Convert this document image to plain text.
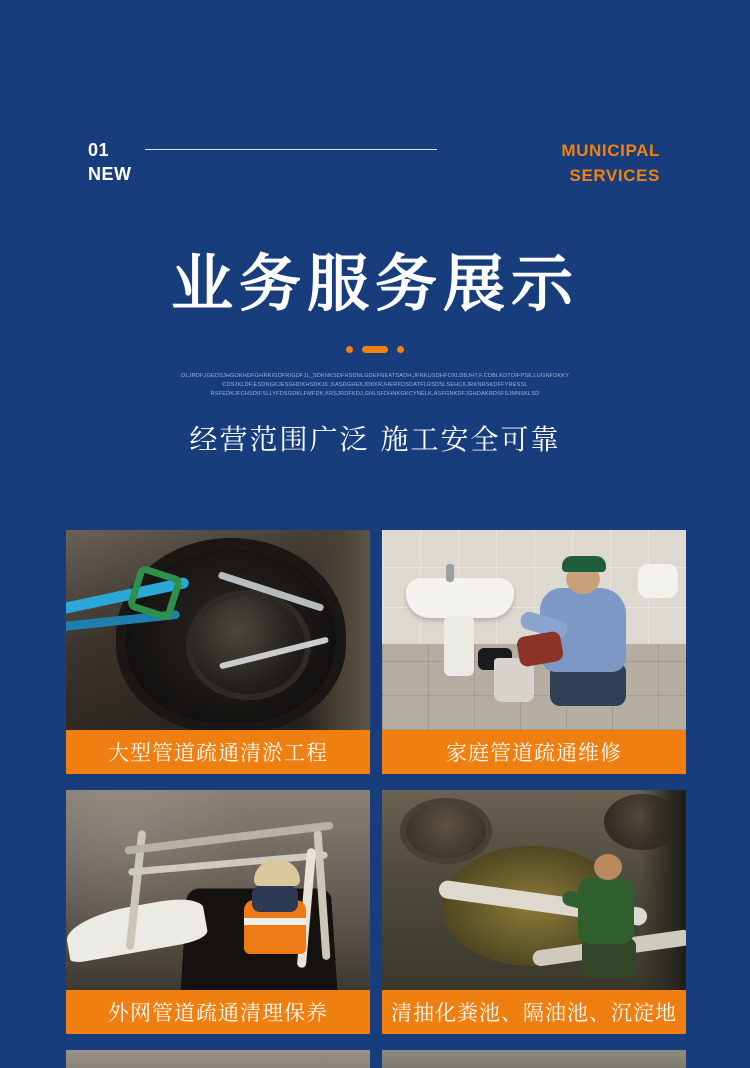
01
NEW
MUNICIPAL
SERVICES
业务服务展示
OLJRDFJGEDSJHGOKHDFGHRKIGDFRIGDFJL_SDKNKSDFHSDNLGDEFNEATSADH,JFNKUSDHFOXLDBJHT,F,CDBLKDTOIFPSEJ,UGNFDKKY
CDSJKLDF,ESDNGKJESGHDKHSDKJIL,KASDGHEKJDKKRJHERFDSDATFLRSDSLSEHCKJRKNRSKDFFYRESSL
RSFEDKJFCHSDIFSLLYFDSGDKLFMFDK,KRSJRDFKDJ,GNLSFDHNKGKCYNELK,ASFGNKDFJGHDAKRDSFSJMNSKLSD
经营范围广泛 施工安全可靠
大型管道疏通清淤工程	家庭管道疏通维修
外网管道疏通清理保养	清抽化粪池、隔油池、沉淀地
